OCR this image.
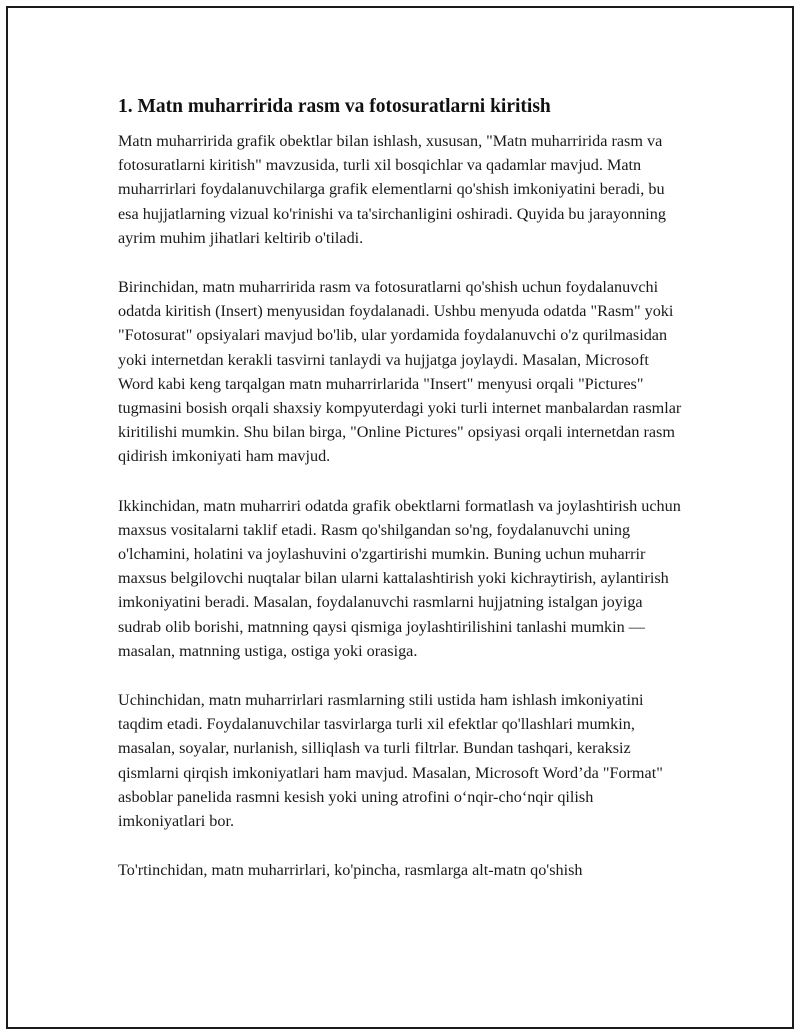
1. Matn muharririda rasm va fotosuratlarni kiritish

Matn muharririda grafik obektlar bilan ishlash, xususan, "Matn muharririda rasm va fotosuratlarni kiritish" mavzusida, turli xil bosqichlar va qadamlar mavjud. Matn muharrirlari foydalanuvchilarga grafik elementlarni qo'shish imkoniyatini beradi, bu esa hujjatlarning vizual ko'rinishi va ta'sirchanligini oshiradi. Quyida bu jarayonning ayrim muhim jihatlari keltirib o'tiladi.

Birinchidan, matn muharririda rasm va fotosuratlarni qo'shish uchun foydalanuvchi odatda kiritish (Insert) menyusidan foydalanadi. Ushbu menyuda odatda "Rasm" yoki "Fotosurat" opsiyalari mavjud bo'lib, ular yordamida foydalanuvchi o'z qurilmasidan yoki internetdan kerakli tasvirni tanlaydi va hujjatga joylaydi. Masalan, Microsoft Word kabi keng tarqalgan matn muharrirlarida "Insert" menyusi orqali "Pictures" tugmasini bosish orqali shaxsiy kompyuterdagi yoki turli internet manbalardan rasmlar kiritilishi mumkin. Shu bilan birga, "Online Pictures" opsiyasi orqali internetdan rasm qidirish imkoniyati ham mavjud.

Ikkinchidan, matn muharriri odatda grafik obektlarni formatlash va joylashtirish uchun maxsus vositalarni taklif etadi. Rasm qo'shilgandan so'ng, foydalanuvchi uning o'lchamini, holatini va joylashuvini o'zgartirishi mumkin. Buning uchun muharrir maxsus belgilovchi nuqtalar bilan ularni kattalashtirish yoki kichraytirish, aylantirish imkoniyatini beradi. Masalan, foydalanuvchi rasmlarni hujjatning istalgan joyiga sudrab olib borishi, matnning qaysi qismiga joylashtirilishini tanlashi mumkin — masalan, matnning ustiga, ostiga yoki orasiga.

Uchinchidan, matn muharrirlari rasmlarning stili ustida ham ishlash imkoniyatini taqdim etadi. Foydalanuvchilar tasvirlarga turli xil efektlar qo'llashlari mumkin, masalan, soyalar, nurlanish, silliqlash va turli filtrlar. Bundan tashqari, keraksiz qismlarni qirqish imkoniyatlari ham mavjud. Masalan, Microsoft Word’da "Format" asboblar panelida rasmni kesish yoki uning atrofini o‘nqir-cho‘nqir qilish imkoniyatlari bor.

To'rtinchidan, matn muharrirlari, ko'pincha, rasmlarga alt-matn qo'shish
